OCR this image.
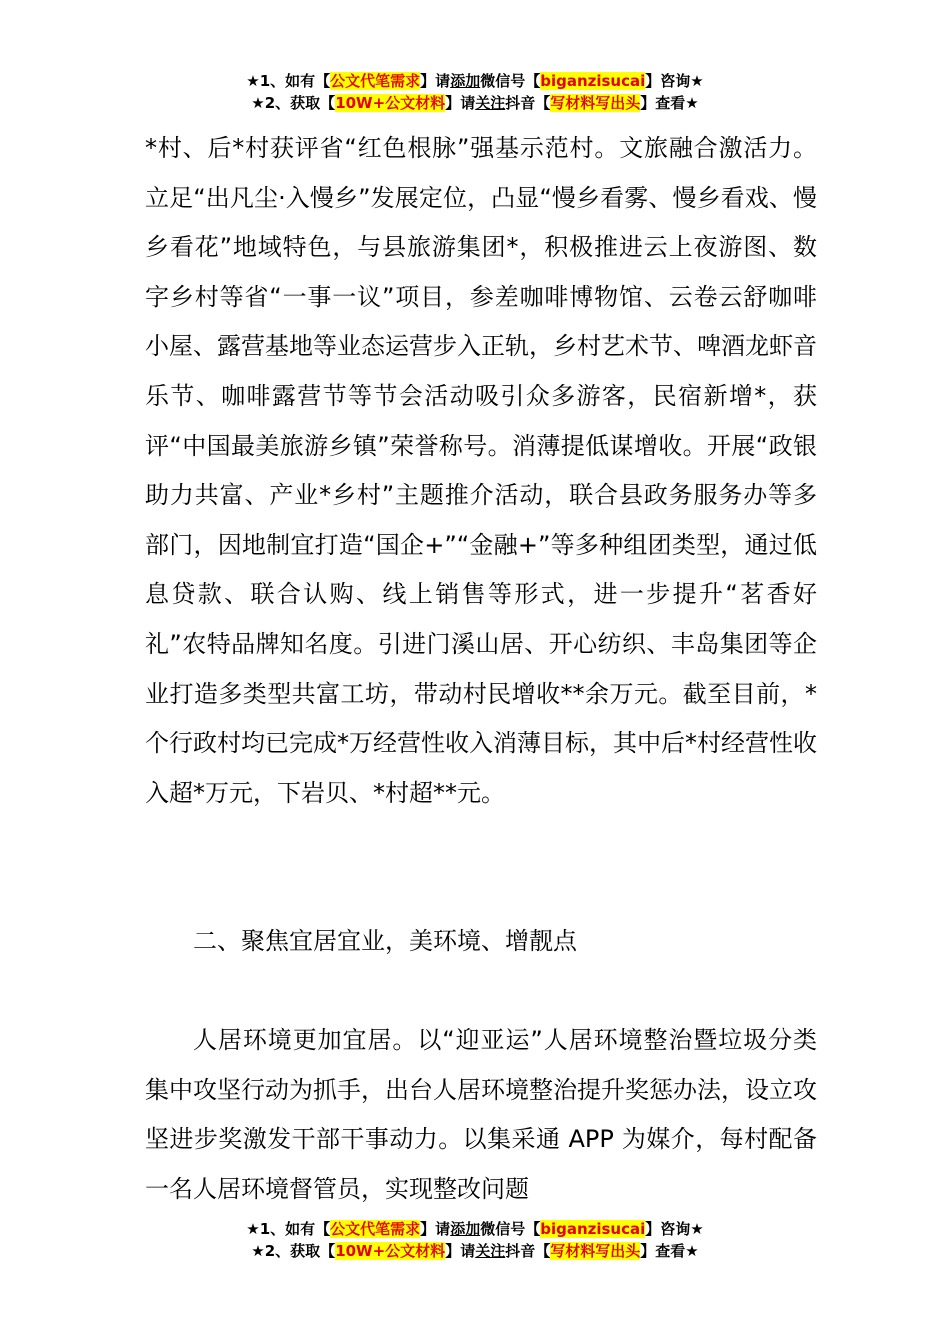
★1、如有【公文代笔需求】请添加微信号【biganzisucai】咨询★
★2、获取【10W+公文材料】请关注抖音【写材料写出头】查看★

*村、后*村获评省“红色根脉”强基示范村。文旅融合激活力。立足“出凡尘·入慢乡”发展定位，凸显“慢乡看雾、慢乡看戏、慢乡看花”地域特色，与县旅游集团*，积极推进云上夜游图、数字乡村等省“一事一议”项目，参差咖啡博物馆、云卷云舒咖啡小屋、露营基地等业态运营步入正轨，乡村艺术节、啤酒龙虾音乐节、咖啡露营节等节会活动吸引众多游客，民宿新增*，获评“中国最美旅游乡镇”荣誉称号。消薄提低谋增收。开展“政银助力共富、产业*乡村”主题推介活动，联合县政务服务办等多部门，因地制宜打造“国企+”“金融+”等多种组团类型，通过低息贷款、联合认购、线上销售等形式，进一步提升“茗香好礼”农特品牌知名度。引进门溪山居、开心纺织、丰岛集团等企业打造多类型共富工坊，带动村民增收**余万元。截至目前，*个行政村均已完成*万经营性收入消薄目标，其中后*村经营性收入超*万元，下岩贝、*村超**元。

二、聚焦宜居宜业，美环境、增靓点

人居环境更加宜居。以“迎亚运”人居环境整治暨垃圾分类集中攻坚行动为抓手，出台人居环境整治提升奖惩办法，设立攻坚进步奖激发干部干事动力。以集采通 APP 为媒介，每村配备一名人居环境督管员，实现整改问题

★1、如有【公文代笔需求】请添加微信号【biganzisucai】咨询★
★2、获取【10W+公文材料】请关注抖音【写材料写出头】查看★
